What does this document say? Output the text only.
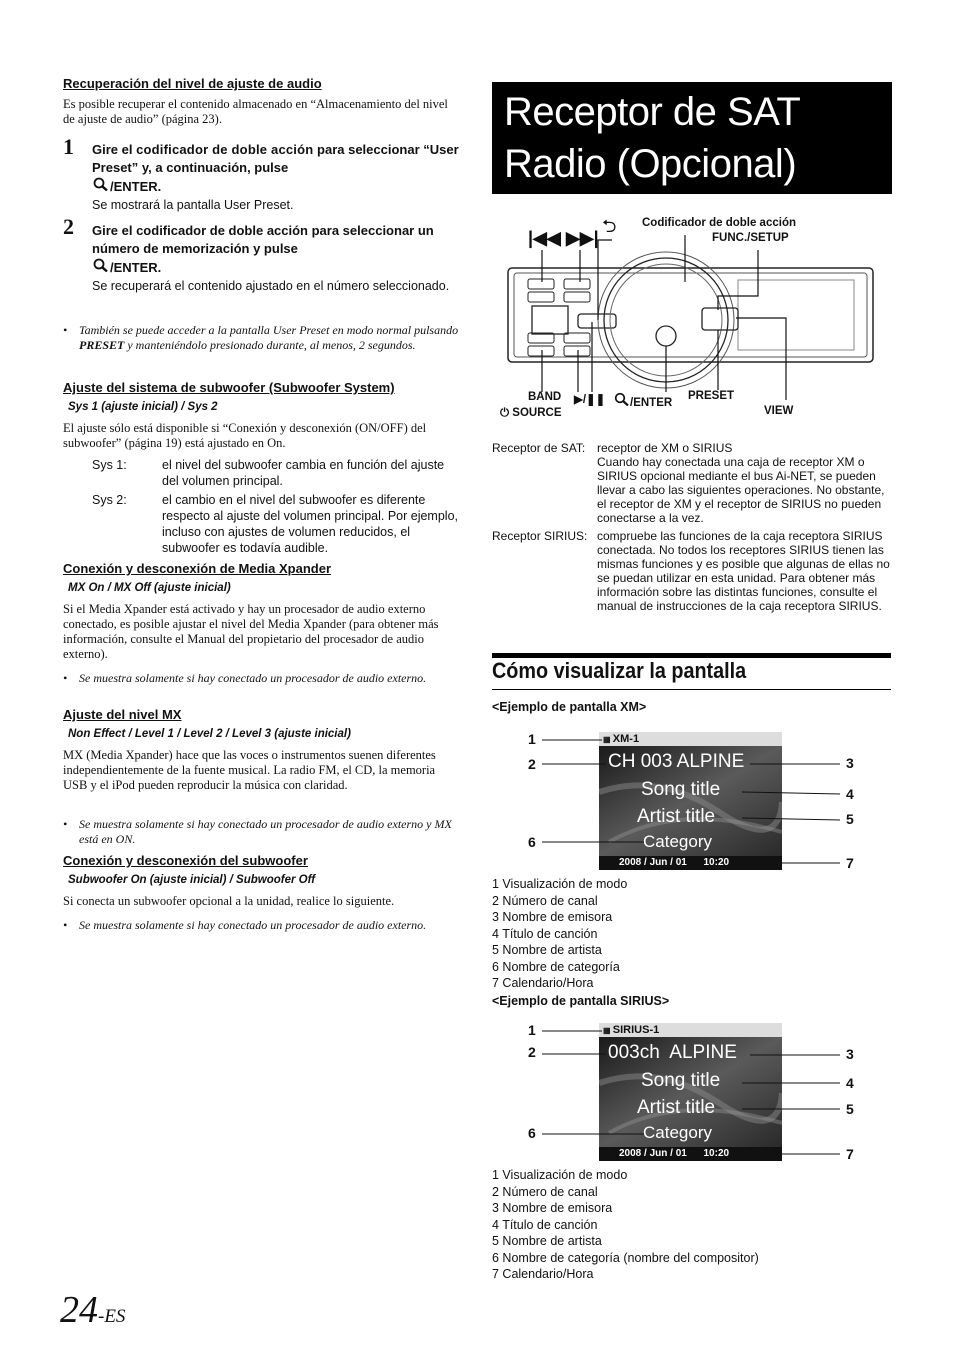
Recuperación del nivel de ajuste de audio
Es posible recuperar el contenido almacenado en “Almacenamiento del nivel de ajuste de audio” (página 23).
1 Gire el codificador de doble acción para seleccionar “User Preset” y, a continuación, pulse
/ENTER.
Se mostrará la pantalla User Preset.
2 Gire el codificador de doble acción para seleccionar un número de memorización y pulse
/ENTER.
Se recuperará el contenido ajustado en el número seleccionado.
• También se puede acceder a la pantalla User Preset en modo normal pulsando PRESET y manteniéndolo presionado durante, al menos, 2 segundos.
Ajuste del sistema de subwoofer (Subwoofer System)
Sys 1 (ajuste inicial) / Sys 2
El ajuste sólo está disponible si “Conexión y desconexión (ON/OFF) del subwoofer” (página 19) está ajustado en On.
Sys 1:	el nivel del subwoofer cambia en función del ajuste del volumen principal.
Sys 2:	el cambio en el nivel del subwoofer es diferente respecto al ajuste del volumen principal. Por ejemplo, incluso con ajustes de volumen reducidos, el subwoofer es todavía audible.
Conexión y desconexión de Media Xpander
MX On / MX Off (ajuste inicial)
Si el Media Xpander está activado y hay un procesador de audio externo conectado, es posible ajustar el nivel del Media Xpander (para obtener más información, consulte el Manual del propietario del procesador de audio externo).
• Se muestra solamente si hay conectado un procesador de audio externo.
Ajuste del nivel MX
Non Effect / Level 1 / Level 2 / Level 3 (ajuste inicial)
MX (Media Xpander) hace que las voces o instrumentos suenen diferentes independientemente de la fuente musical. La radio FM, el CD, la memoria USB y el iPod pueden reproducir la música con claridad.
• Se muestra solamente si hay conectado un procesador de audio externo y MX está en ON.
Conexión y desconexión del subwoofer
Subwoofer On (ajuste inicial) / Subwoofer Off
Si conecta un subwoofer opcional a la unidad, realice lo siguiente.
• Se muestra solamente si hay conectado un procesador de audio externo.
24-ES
Receptor de SAT
Radio (Opcional)
|◀◀ ▶▶|
⮌ Codificador de doble acción
FUNC./SETUP
BAND
⏻ SOURCE
▶/❚❚	/ENTER
PRESET
VIEW
Receptor de SAT: receptor de XM o SIRIUS
Cuando hay conectada una caja de receptor XM o SIRIUS opcional mediante el bus Ai-NET, se pueden llevar a cabo las siguientes operaciones. No obstante, el receptor de XM y el receptor de SIRIUS no pueden conectarse a la vez.
Receptor SIRIUS: compruebe las funciones de la caja receptora SIRIUS conectada. No todos los receptores SIRIUS tienen las mismas funciones y es posible que algunas de ellas no se puedan utilizar en esta unidad. Para obtener más información sobre las distintas funciones, consulte el manual de instrucciones de la caja receptora SIRIUS.
Cómo visualizar la pantalla
<Ejemplo de pantalla XM>
▦ XM-1
CH 003 ALPINE
Song title
Artist title
Category
2008 / Jun / 01      10:20
1
2
6
3
4
5
7
1 Visualización de modo
2 Número de canal
3 Nombre de emisora
4 Título de canción
5 Nombre de artista
6 Nombre de categoría
7 Calendario/Hora
<Ejemplo de pantalla SIRIUS>
▦ SIRIUS-1
003ch  ALPINE
Song title
Artist title
Category
2008 / Jun / 01      10:20
1
2
6
3
4
5
7
1 Visualización de modo
2 Número de canal
3 Nombre de emisora
4 Título de canción
5 Nombre de artista
6 Nombre de categoría (nombre del compositor)
7 Calendario/Hora
